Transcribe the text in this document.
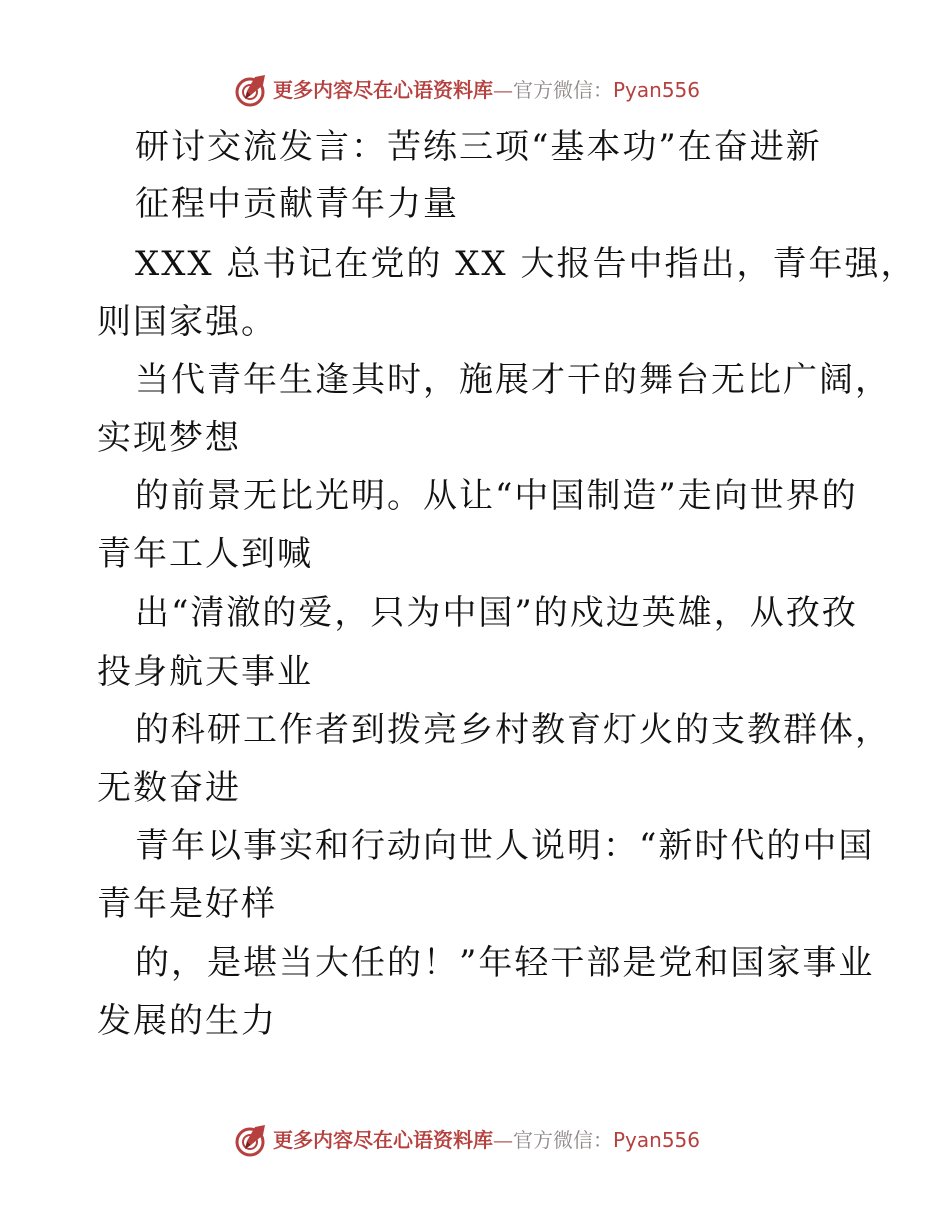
更多内容尽在心语资料库—官方微信：Pyan556
研讨交流发言：苦练三项“基本功”在奋进新
征程中贡献青年力量
XXX 总书记在党的 XX 大报告中指出，青年强，
则国家强。
当代青年生逢其时，施展才干的舞台无比广阔，
实现梦想
的前景无比光明。从让“中国制造”走向世界的
青年工人到喊
出“清澈的爱，只为中国”的戍边英雄，从孜孜
投身航天事业
的科研工作者到拨亮乡村教育灯火的支教群体，
无数奋进
青年以事实和行动向世人说明：“新时代的中国
青年是好样
的，是堪当大任的！”年轻干部是党和国家事业
发展的生力
更多内容尽在心语资料库—官方微信：Pyan556
